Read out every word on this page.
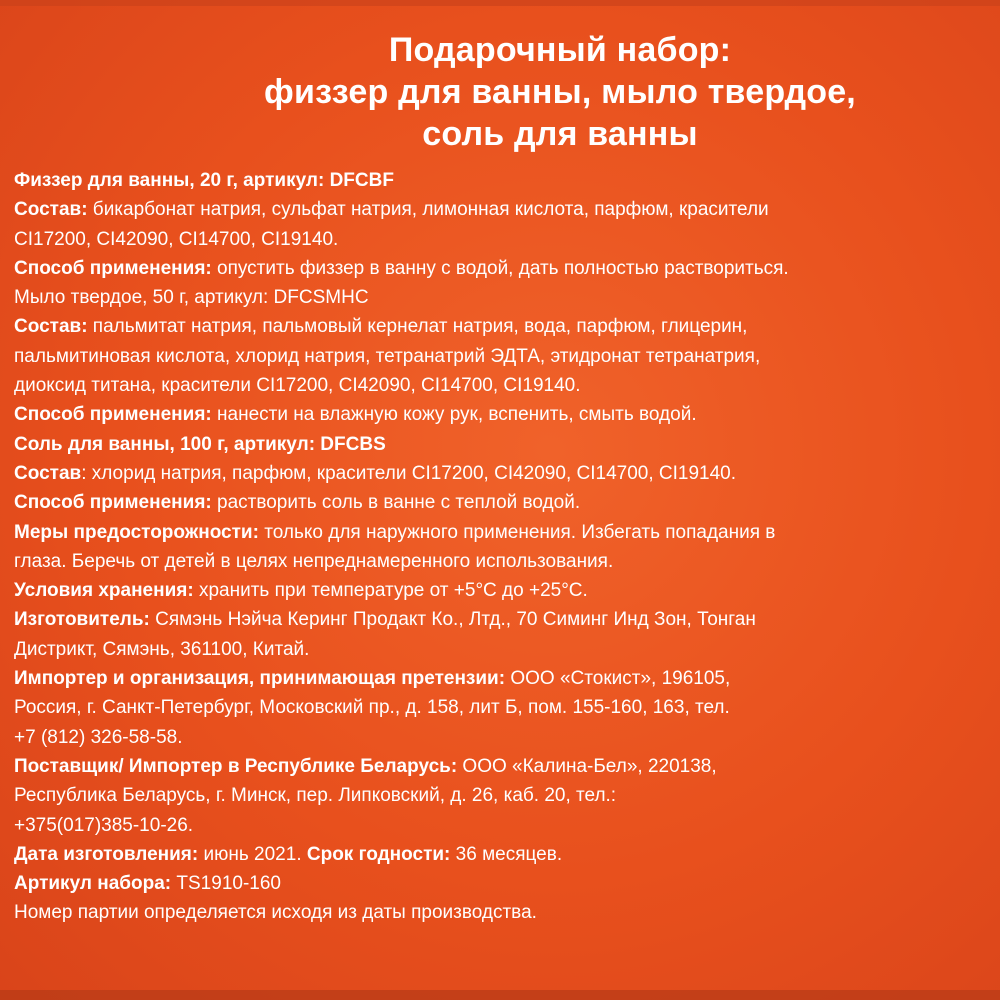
Подарочный набор:
физзер для ванны, мыло твердое,
соль для ванны
Физзер для ванны, 20 г, артикул: DFCBF
Состав: бикарбонат натрия, сульфат натрия, лимонная кислота, парфюм, красители
CI17200, CI42090, CI14700, CI19140.
Способ применения: опустить физзер в ванну с водой, дать полностью раствориться.
Мыло твердое, 50 г, артикул: DFCSMHC
Состав: пальмитат натрия, пальмовый кернелат натрия, вода, парфюм, глицерин,
пальмитиновая кислота, хлорид натрия, тетранатрий ЭДТА, этидронат тетранатрия,
диоксид титана, красители CI17200, CI42090, CI14700, CI19140.
Способ применения: нанести на влажную кожу рук, вспенить, смыть водой.
Соль для ванны, 100 г, артикул: DFCBS
Состав: хлорид натрия, парфюм, красители CI17200, CI42090, CI14700, CI19140.
Способ применения: растворить соль в ванне с теплой водой.
Меры предосторожности: только для наружного применения. Избегать попадания в
глаза. Беречь от детей в целях непреднамеренного использования.
Условия хранения: хранить при температуре от +5°С до +25°С.
Изготовитель: Сямэнь Нэйча Керинг Продакт Ко., Лтд., 70 Симинг Инд Зон, Тонган
Дистрикт, Сямэнь, 361100, Китай.
Импортер и организация, принимающая претензии: ООО «Стокист», 196105,
Россия, г. Санкт-Петербург, Московский пр., д. 158, лит Б, пом. 155-160, 163, тел.
+7 (812) 326-58-58.
Поставщик/ Импортер в Республике Беларусь: ООО «Калина-Бел», 220138,
Республика Беларусь, г. Минск, пер. Липковский, д. 26, каб. 20, тел.:
+375(017)385-10-26.
Дата изготовления: июнь 2021. Срок годности: 36 месяцев.
Артикул набора: TS1910-160
Номер партии определяется исходя из даты производства.
